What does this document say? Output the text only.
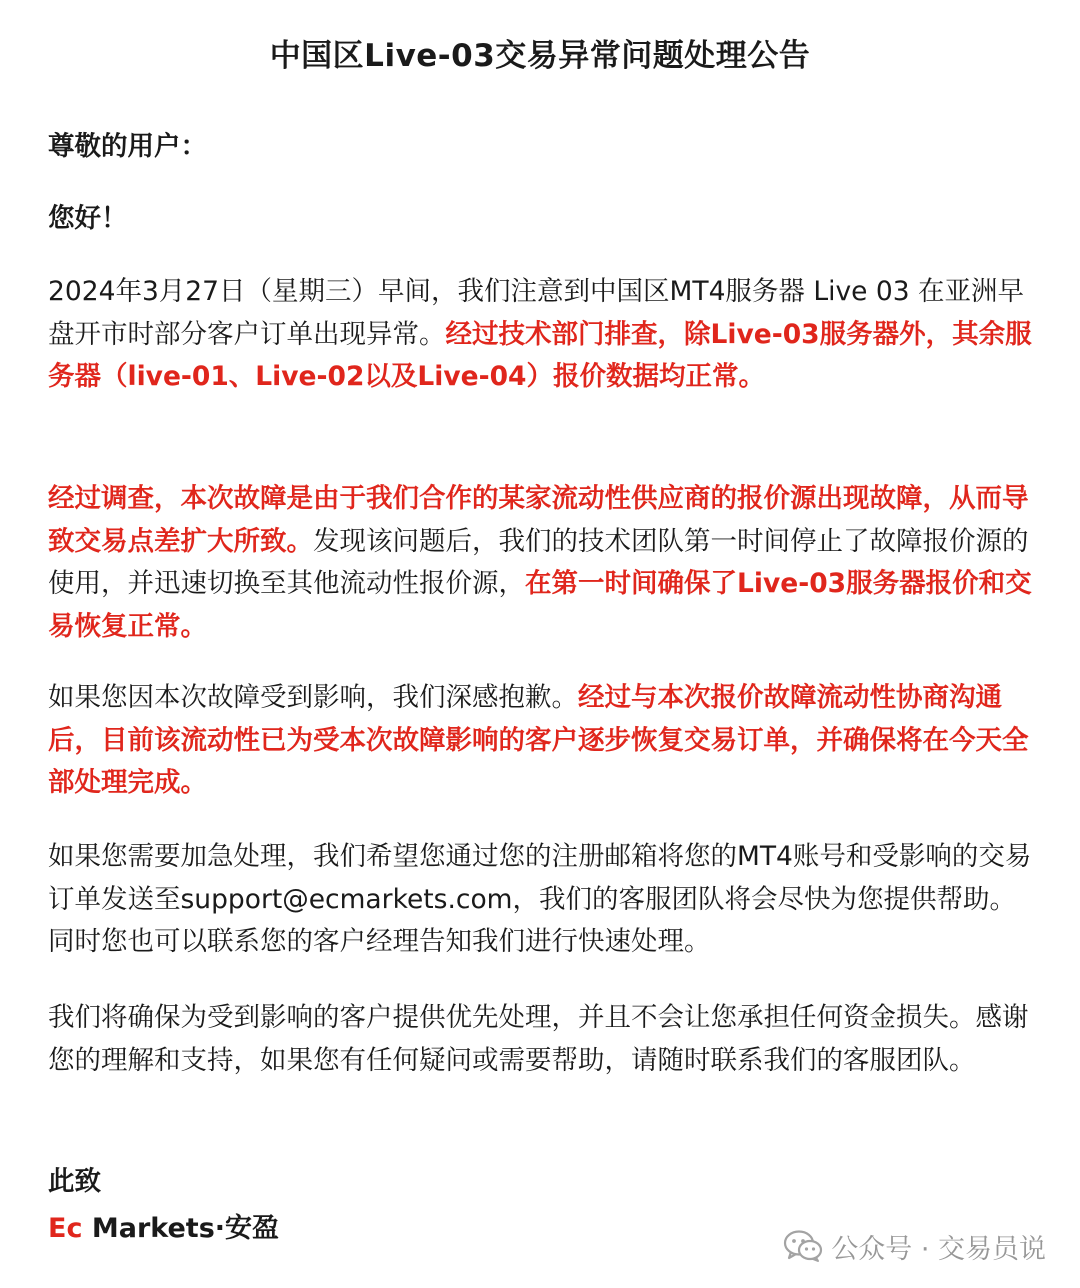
中国区Live-03交易异常问题处理公告

尊敬的用户：

您好！

2024年3月27日（星期三）早间，我们注意到中国区MT4服务器 Live 03 在亚洲早盘开市时部分客户订单出现异常。经过技术部门排查，除Live-03服务器外，其余服务器（live-01、Live-02以及Live-04）报价数据均正常。

经过调查，本次故障是由于我们合作的某家流动性供应商的报价源出现故障，从而导致交易点差扩大所致。发现该问题后，我们的技术团队第一时间停止了故障报价源的使用，并迅速切换至其他流动性报价源，在第一时间确保了Live-03服务器报价和交易恢复正常。

如果您因本次故障受到影响，我们深感抱歉。经过与本次报价故障流动性协商沟通后，目前该流动性已为受本次故障影响的客户逐步恢复交易订单，并确保将在今天全部处理完成。

如果您需要加急处理，我们希望您通过您的注册邮箱将您的MT4账号和受影响的交易订单发送至support@ecmarkets.com，我们的客服团队将会尽快为您提供帮助。同时您也可以联系您的客户经理告知我们进行快速处理。

我们将确保为受到影响的客户提供优先处理，并且不会让您承担任何资金损失。感谢您的理解和支持，如果您有任何疑问或需要帮助，请随时联系我们的客服团队。

此致

Ec Markets·安盈
公众号 · 交易员说
